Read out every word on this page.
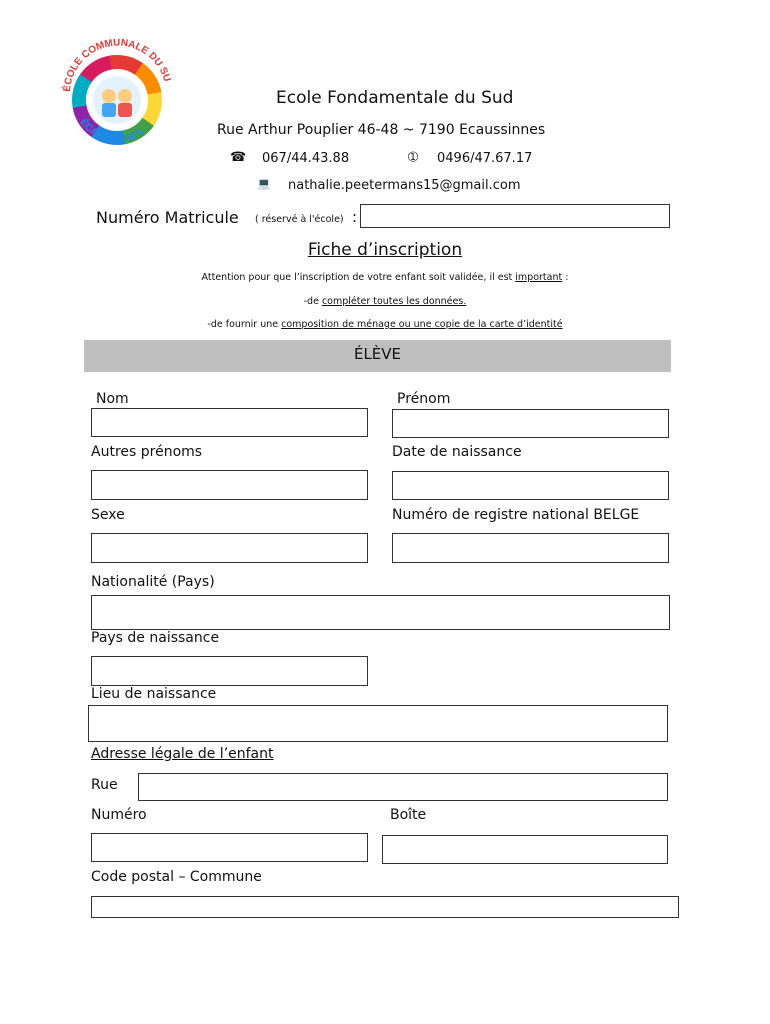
ÉCOLE COMMUNALE DU SU
ÉCAUSSINNES
Ecole Fondamentale du Sud
Rue Arthur Pouplier 46-48 ~ 7190 Ecaussinnes
☎ 067/44.43.88	➀ 0496/47.67.17
💻 nathalie.peetermans15@gmail.com
Numéro Matricule ( réservé à l'école) :
Fiche d’inscription
Attention pour que l’inscription de votre enfant soit validée, il est important :
-de compléter toutes les données.
-de fournir une composition de ménage ou une copie de la carte d’identité
ÉLÈVE
Nom	Prénom
Autres prénoms	Date de naissance
Sexe	Numéro de registre national BELGE
Nationalité (Pays)
Pays de naissance
Lieu de naissance
Adresse légale de l’enfant
Rue
Numéro	Boîte
Code postal – Commune
